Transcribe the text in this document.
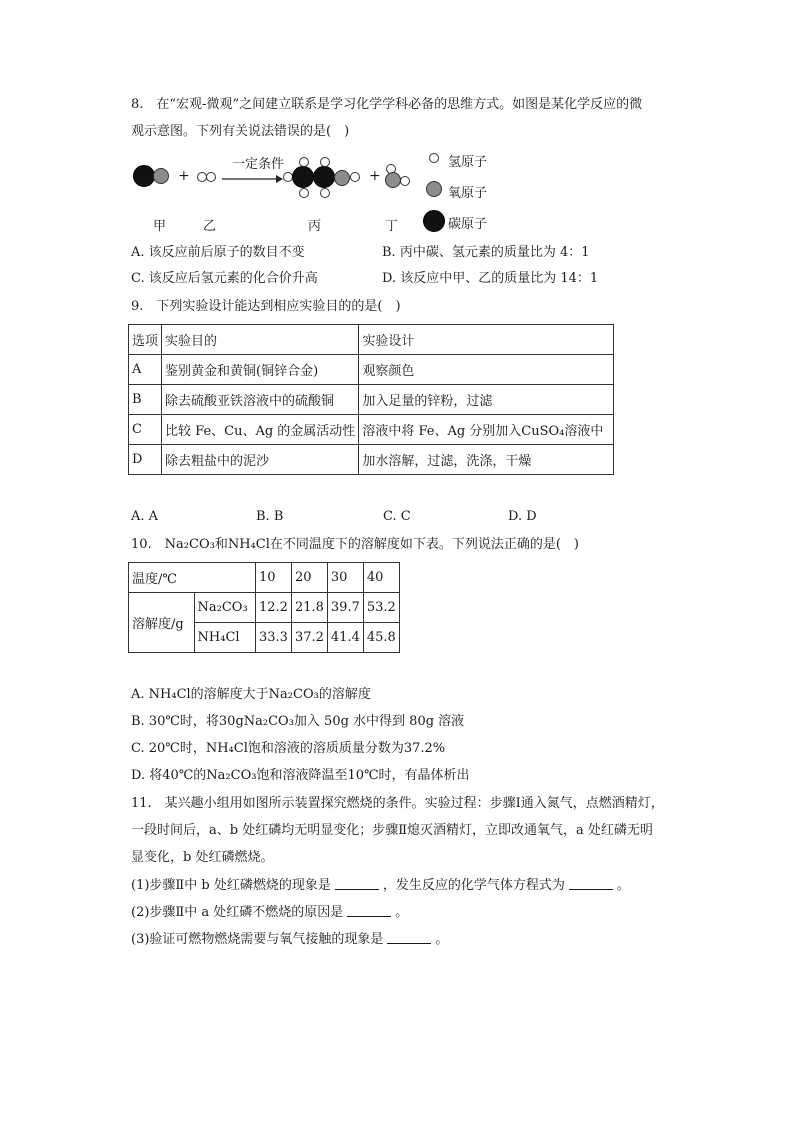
8.　在“宏观-微观”之间建立联系是学习化学学科必备的思维方式。如图是某化学反应的微
观示意图。下列有关说法错误的是(　)
+
一定条件
+
氢原子
氧原子
碳原子
甲	乙	丙	丁
A. 该反应前后原子的数目不变	B. 丙中碳、氢元素的质量比为 4：1
C. 该反应后氢元素的化合价升高	D. 该反应中甲、乙的质量比为 14：1
9.　下列实验设计能达到相应实验目的的是(　)
选项	实验目的	实验设计
A	鉴别黄金和黄铜(铜锌合金)	观察颜色
B	除去硫酸亚铁溶液中的硫酸铜	加入足量的锌粉，过滤
C	比较 Fe、Cu、Ag 的金属活动性	溶液中将 Fe、Ag 分别加入CuSO₄溶液中
D	除去粗盐中的泥沙	加水溶解，过滤，洗涤，干燥
A. A	B. B	C. C	D. D
10.　Na₂CO₃和NH₄Cl在不同温度下的溶解度如下表。下列说法正确的是(　)
温度/℃		10	20	30	40
溶解度/g	Na₂CO₃	12.2	21.8	39.7	53.2
	NH₄Cl	33.3	37.2	41.4	45.8
A. NH₄Cl的溶解度大于Na₂CO₃的溶解度
B. 30℃时，将30gNa₂CO₃加入 50g 水中得到 80g 溶液
C. 20℃时，NH₄Cl饱和溶液的溶质质量分数为37.2%
D. 将40℃的Na₂CO₃饱和溶液降温至10℃时，有晶体析出
11.　某兴趣小组用如图所示装置探究燃烧的条件。实验过程：步骤Ⅰ通入氮气，点燃酒精灯，
一段时间后，a、b 处红磷均无明显变化；步骤Ⅱ熄灭酒精灯，立即改通氧气，a 处红磷无明
显变化，b 处红磷燃烧。
(1)步骤Ⅱ中 b 处红磷燃烧的现象是	，发生反应的化学气体方程式为	。
(2)步骤Ⅱ中 a 处红磷不燃烧的原因是	。
(3)验证可燃物燃烧需要与氧气接触的现象是	。
